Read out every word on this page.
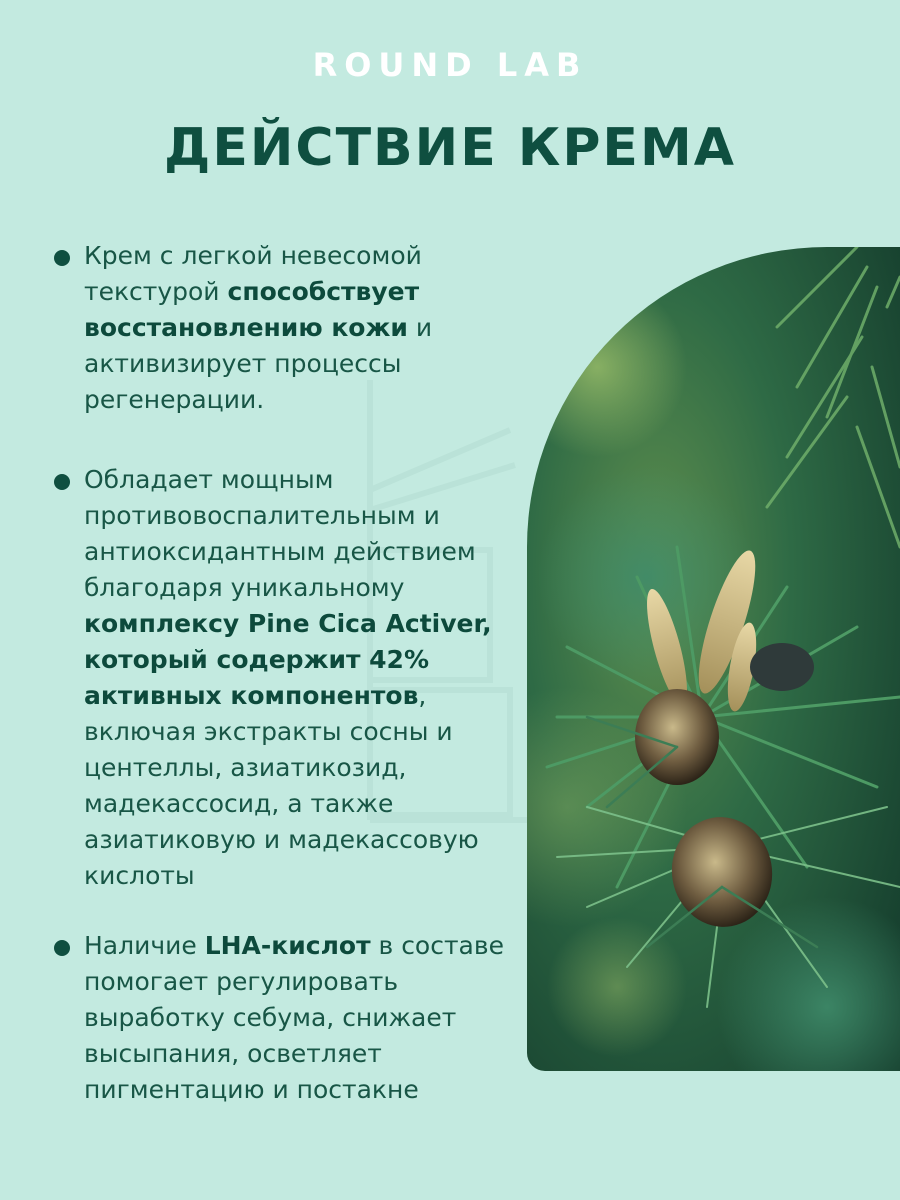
ROUND LAB
ДЕЙСТВИЕ КРЕМА
Крем с легкой невесомой текстурой способствует восстановлению кожи и активизирует процессы регенерации.
Обладает мощным противовоспалительным и антиоксидантным действием благодаря уникальному комплексу Pine Cica Activer, который содержит 42% активных компонентов, включая экстракты сосны и центеллы, азиатикозид, мадекассосид, а также азиатиковую и мадекассовую кислоты
Наличие LHA-кислот в составе помогает регулировать выработку себума, снижает высыпания, осветляет пигментацию и постакне
